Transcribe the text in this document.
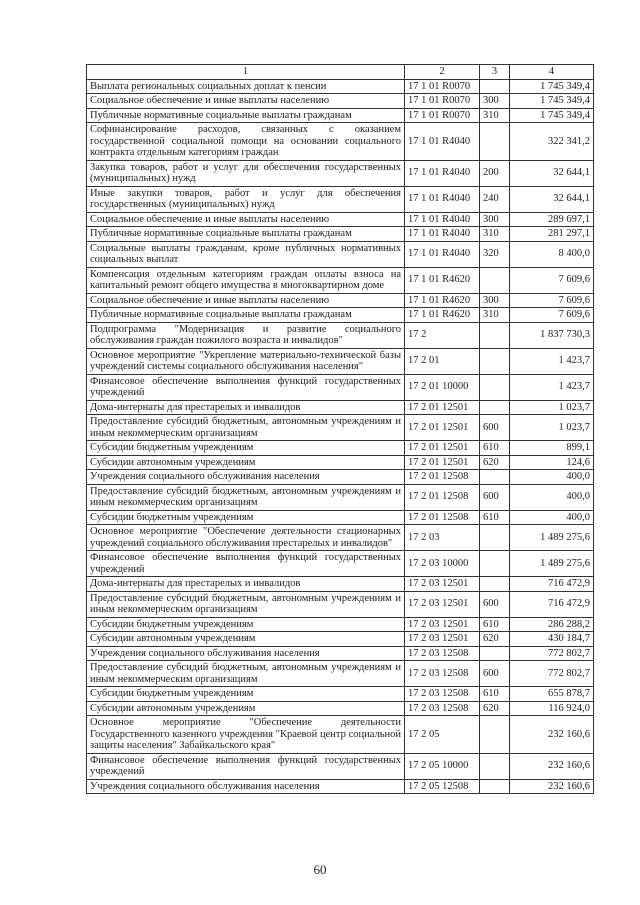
1	2	3	4
Выплата региональных социальных доплат к пенсии	17 1 01 R0070		1 745 349,4
Социальное обеспечение и иные выплаты населению	17 1 01 R0070	300	1 745 349,4
Публичные нормативные социальные выплаты гражданам	17 1 01 R0070	310	1 745 349,4
Софинансирование расходов, связанных с оказанием государственной социальной помощи на основании социального контракта отдельным категориям граждан	17 1 01 R4040		322 341,2
Закупка товаров, работ и услуг для обеспечения государственных (муниципальных) нужд	17 1 01 R4040	200	32 644,1
Иные закупки товаров, работ и услуг для обеспечения государственных (муниципальных) нужд	17 1 01 R4040	240	32 644,1
Социальное обеспечение и иные выплаты населению	17 1 01 R4040	300	289 697,1
Публичные нормативные социальные выплаты гражданам	17 1 01 R4040	310	281 297,1
Социальные выплаты гражданам, кроме публичных нормативных социальных выплат	17 1 01 R4040	320	8 400,0
Компенсация отдельным категориям граждан оплаты взноса на капитальный ремонт общего имущества в многоквартирном доме	17 1 01 R4620		7 609,6
Социальное обеспечение и иные выплаты населению	17 1 01 R4620	300	7 609,6
Публичные нормативные социальные выплаты гражданам	17 1 01 R4620	310	7 609,6
Подпрограмма "Модернизация и развитие социального обслуживания граждан пожилого возраста и инвалидов"	17 2		1 837 730,3
Основное мероприятие "Укрепление материально-технической базы учреждений системы социального обслуживания населения"	17 2 01		1 423,7
Финансовое обеспечение выполнения функций государственных учреждений	17 2 01 10000		1 423,7
Дома-интернаты для престарелых и инвалидов	17 2 01 12501		1 023,7
Предоставление субсидий бюджетным, автономным учреждениям и иным некоммерческим организациям	17 2 01 12501	600	1 023,7
Субсидии бюджетным учреждениям	17 2 01 12501	610	899,1
Субсидии автономным учреждениям	17 2 01 12501	620	124,6
Учреждения социального обслуживания населения	17 2 01 12508		400,0
Предоставление субсидий бюджетным, автономным учреждениям и иным некоммерческим организациям	17 2 01 12508	600	400,0
Субсидии бюджетным учреждениям	17 2 01 12508	610	400,0
Основное мероприятие "Обеспечение деятельности стационарных учреждений социального обслуживания престарелых и инвалидов"	17 2 03		1 489 275,6
Финансовое обеспечение выполнения функций государственных учреждений	17 2 03 10000		1 489 275,6
Дома-интернаты для престарелых и инвалидов	17 2 03 12501		716 472,9
Предоставление субсидий бюджетным, автономным учреждениям и иным некоммерческим организациям	17 2 03 12501	600	716 472,9
Субсидии бюджетным учреждениям	17 2 03 12501	610	286 288,2
Субсидии автономным учреждениям	17 2 03 12501	620	430 184,7
Учреждения социального обслуживания населения	17 2 03 12508		772 802,7
Предоставление субсидий бюджетным, автономным учреждениям и иным некоммерческим организациям	17 2 03 12508	600	772 802,7
Субсидии бюджетным учреждениям	17 2 03 12508	610	655 878,7
Субсидии автономным учреждениям	17 2 03 12508	620	116 924,0
Основное мероприятие "Обеспечение деятельности Государственного казенного учреждения "Краевой центр социальной защиты населения" Забайкальского края"	17 2 05		232 160,6
Финансовое обеспечение выполнения функций государственных учреждений	17 2 05 10000		232 160,6
Учреждения социального обслуживания населения	17 2 05 12508		232 160,6
60
